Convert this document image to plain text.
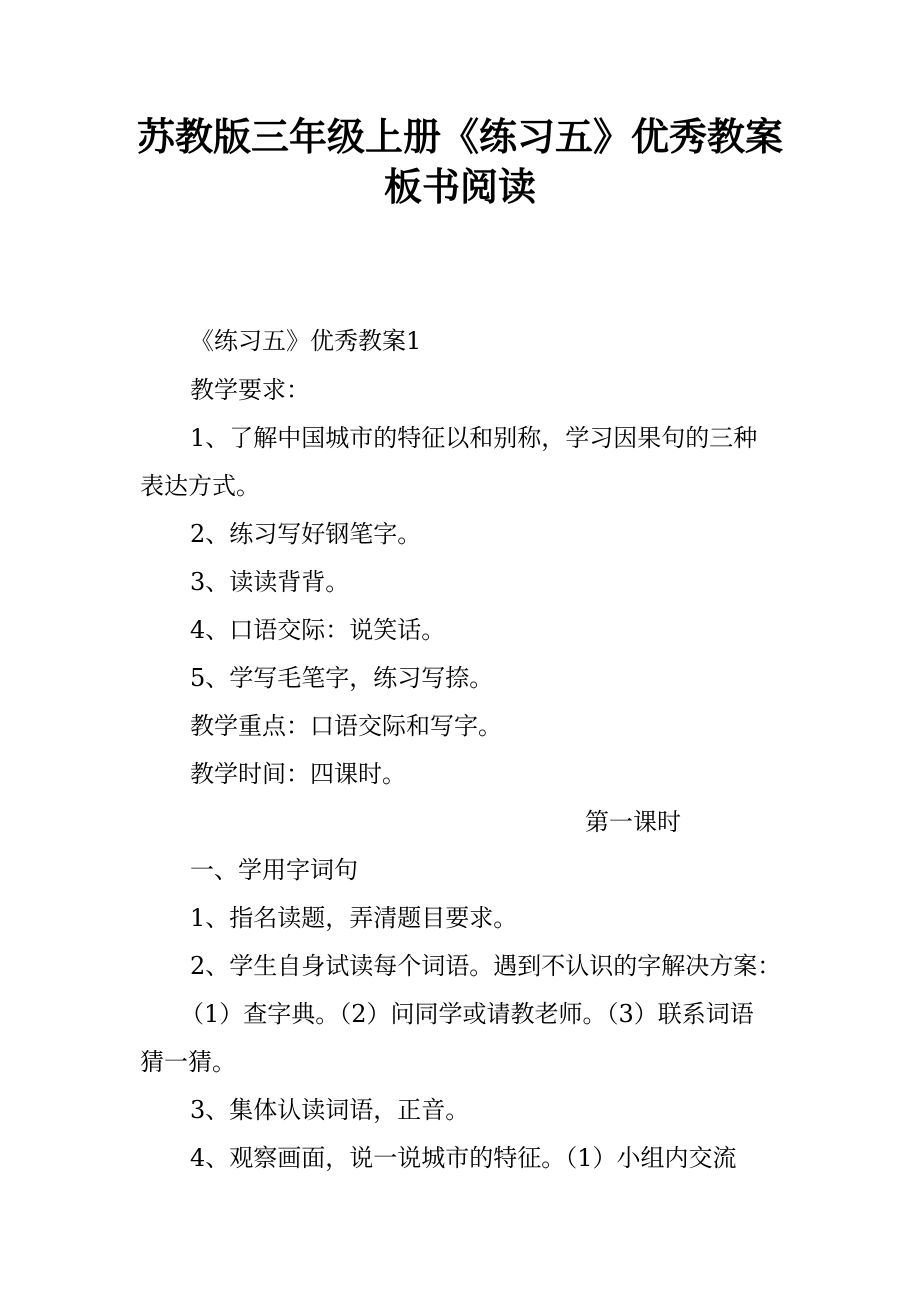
苏教版三年级上册《练习五》优秀教案
板书阅读
《练习五》优秀教案1
教学要求：
1、了解中国城市的特征以和别称，学习因果句的三种
表达方式。
2、练习写好钢笔字。
3、读读背背。
4、口语交际：说笑话。
5、学写毛笔字，练习写捺。
教学重点：口语交际和写字。
教学时间：四课时。
第一课时
一、学用字词句
1、指名读题，弄清题目要求。
2、学生自身试读每个词语。遇到不认识的字解决方案：
（1）查字典。（2）问同学或请教老师。（3）联系词语
猜一猜。
3、集体认读词语，正音。
4、观察画面，说一说城市的特征。（1）小组内交流
